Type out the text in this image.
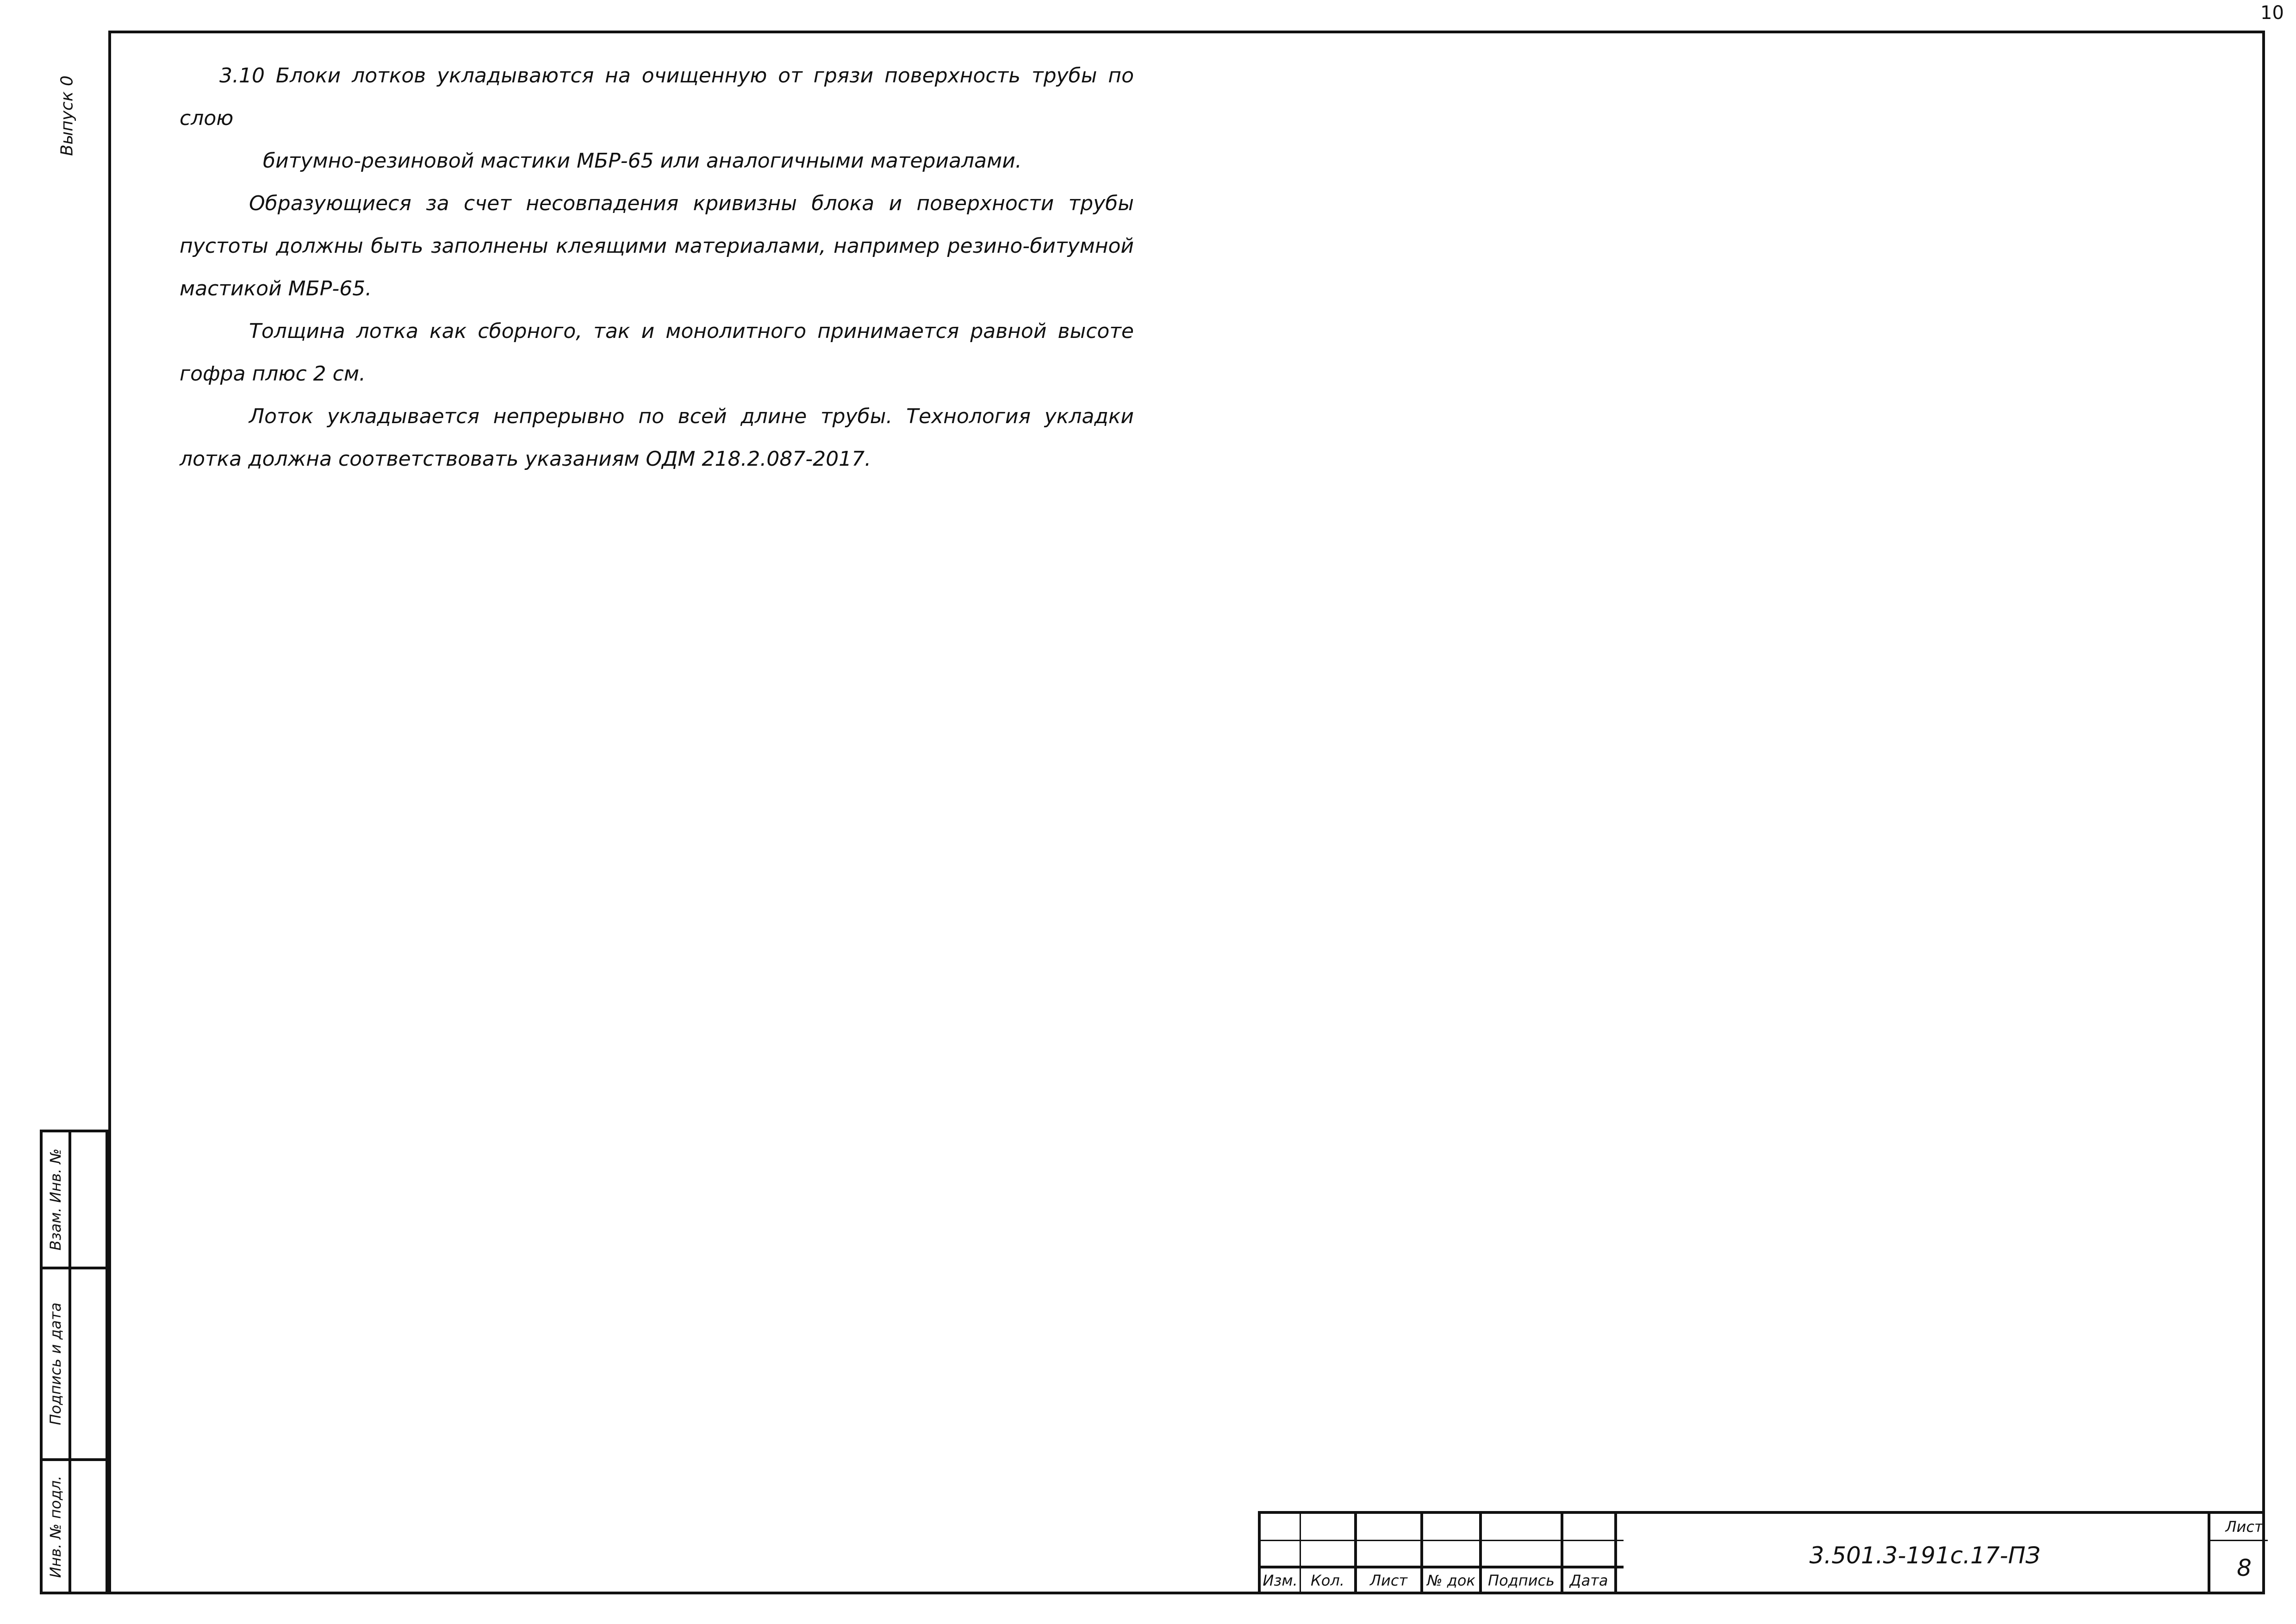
10
Выпуск 0	3.10 Блоки лотков укладываются на очищенную от грязи поверхность трубы по слою

битумно-резиновой мастики МБР-65 или аналогичными материалами.

Образующиеся за счет несовпадения кривизны блока и поверхности трубы пустоты должны быть заполнены клеящими материалами, например резино-битумной мастикой МБР-65.

Толщина лотка как сборного, так и монолитного принимается равной высоте гофра плюс 2 см.

Лоток укладывается непрерывно по всей длине трубы. Технология укладки лотка должна соответствовать указаниям ОДМ 218.2.087-2017.

Взам. Инв. №
Подпись и дата
Инв. № подл.
Изм. Кол.	Лист	№ док Подпись	Дата
3.501.3-191с.17-ПЗ
Лист
8
